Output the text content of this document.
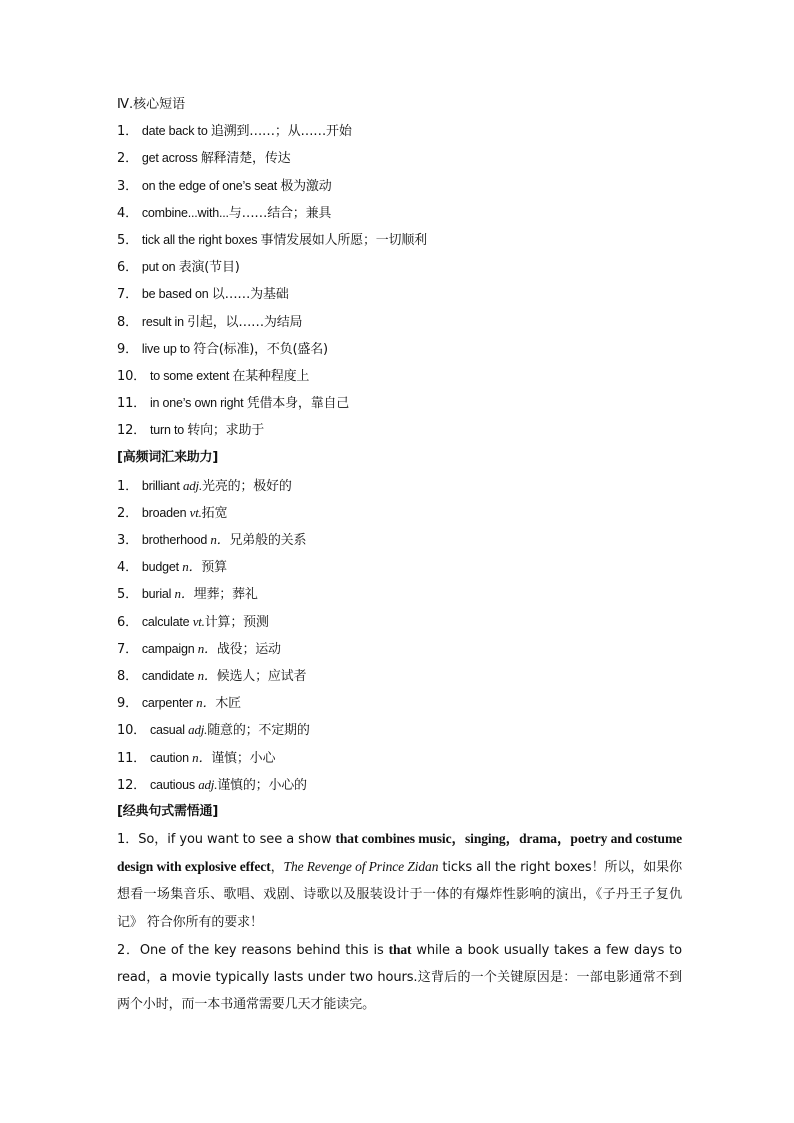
Ⅳ.核心短语
1． date back to 追溯到……；从……开始
2． get across 解释清楚，传达
3． on the edge of one’s seat 极为激动
4． combine...with...与……结合；兼具
5． tick all the right boxes 事情发展如人所愿；一切顺利
6． put on 表演(节目)
7． be based on 以……为基础
8． result in 引起，以……为结局
9． live up to 符合(标准)，不负(盛名)
10． to some extent 在某种程度上
11． in one’s own right 凭借本身，靠自己
12． turn to 转向；求助于
[高频词汇来助力]
1． brilliant adj.光亮的；极好的
2． broaden vt.拓宽
3． brotherhood n．兄弟般的关系
4． budget n．预算
5． burial n．埋葬；葬礼
6． calculate vt.计算；预测
7． campaign n．战役；运动
8． candidate n．候选人；应试者
9． carpenter n．木匠
10． casual adj.随意的；不定期的
11． caution n．谨慎；小心
12． cautious adj.谨慎的；小心的
[经典句式需悟通]
1．So，if you want to see a show that combines music，singing，drama，poetry and costume design with explosive effect，The Revenge of Prince Zidan ticks all the right boxes！所以，如果你想看一场集音乐、歌唱、戏剧、诗歌以及服装设计于一体的有爆炸性影响的演出，《子丹王子复仇记》 符合你所有的要求！
2．One of the key reasons behind this is that while a book usually takes a few days to read，a movie typically lasts under two hours.这背后的一个关键原因是：一部电影通常不到两个小时，而一本书通常需要几天才能读完。
